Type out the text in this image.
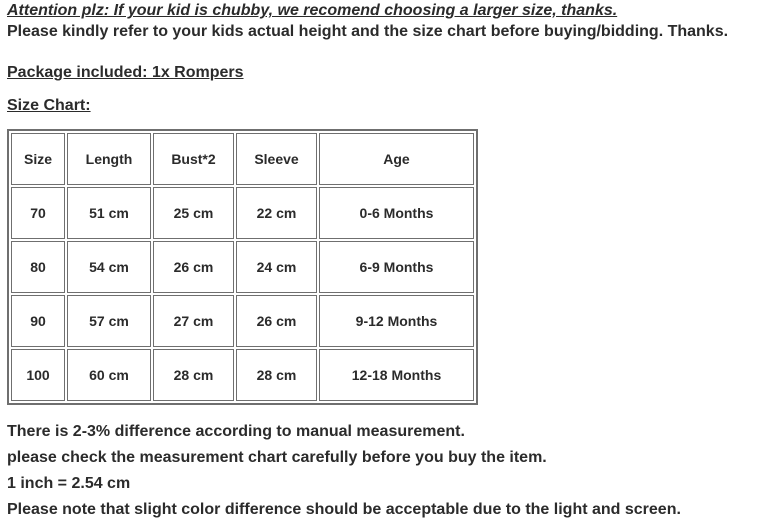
Attention plz: If your kid is chubby, we recomend choosing a larger size, thanks.
Please kindly refer to your kids actual height and the size chart before buying/bidding. Thanks.
Package included: 1x Rompers
Size Chart:
Size	Length	Bust*2	Sleeve	Age
70	51 cm	25 cm	22 cm	0-6 Months
80	54 cm	26 cm	24 cm	6-9 Months
90	57 cm	27 cm	26 cm	9-12 Months
100	60 cm	28 cm	28 cm	12-18 Months
There is 2-3% difference according to manual measurement.
please check the measurement chart carefully before you buy the item.
1 inch = 2.54 cm
Please note that slight color difference should be acceptable due to the light and screen.
